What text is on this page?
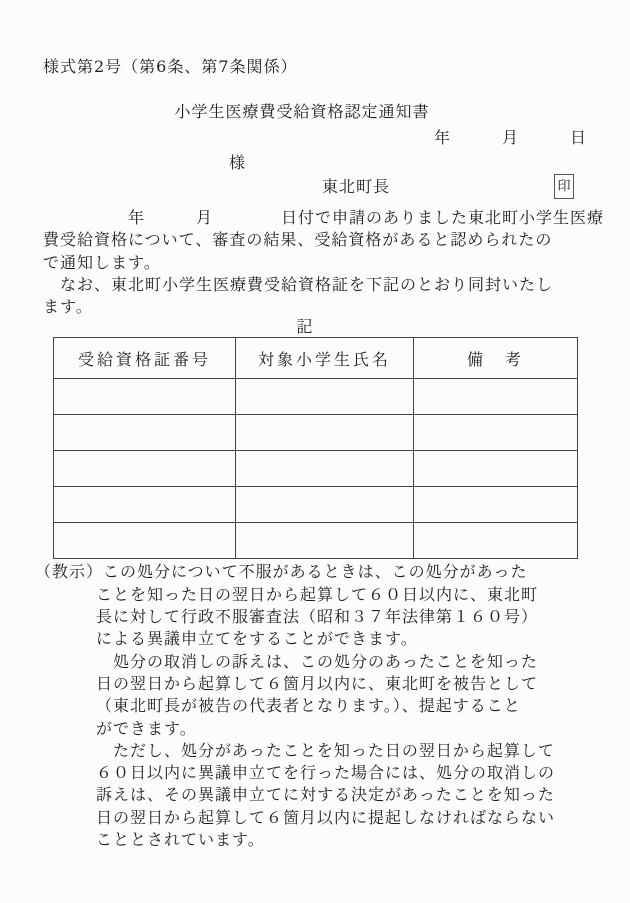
様式第2号（第6条、第7条関係）
小学生医療費受給資格認定通知書
年　　　月　　　日
様
東北町長	印
　　　　　年　　　月　　　　日付で申請のありました東北町小学生医療
費受給資格について、審査の結果、受給資格があると認められたの
で通知します。
　なお、東北町小学生医療費受給資格証を下記のとおり同封いたし
ます。
記
受給資格証番号	対象小学生氏名	備　考

（教示）この処分について不服があるときは、この処分があった
ことを知った日の翌日から起算して６０日以内に、東北町
長に対して行政不服審査法（昭和３７年法律第１６０号）
による異議申立てをすることができます。
処分の取消しの訴えは、この処分のあったことを知った
日の翌日から起算して６箇月以内に、東北町を被告として
（東北町長が被告の代表者となります。）、提起すること
ができます。
ただし、処分があったことを知った日の翌日から起算して
６０日以内に異議申立てを行った場合には、処分の取消しの
訴えは、その異議申立てに対する決定があったことを知った
日の翌日から起算して６箇月以内に提起しなければならない
こととされています。
